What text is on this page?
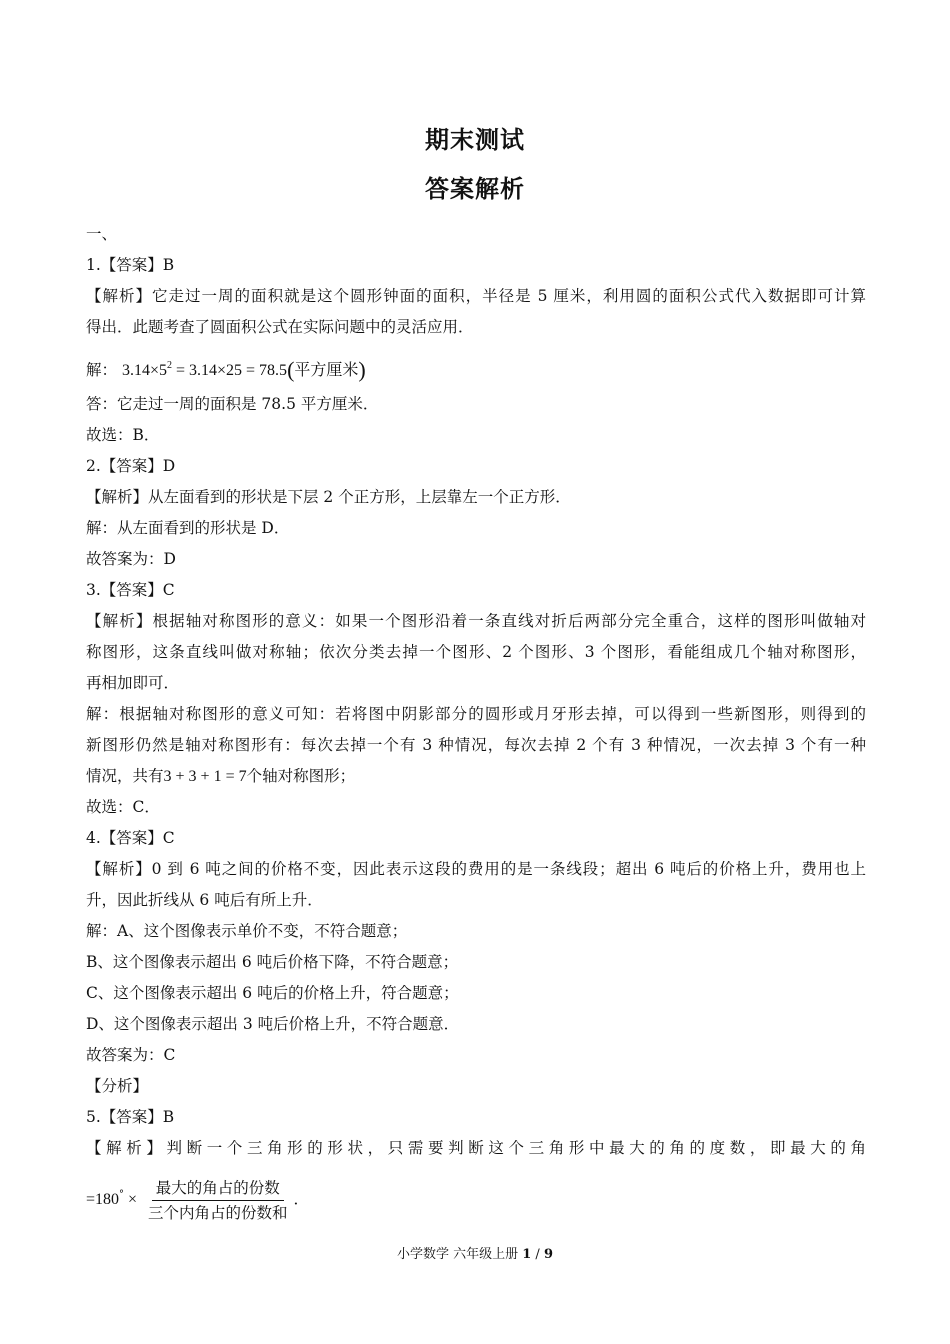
期末测试
答案解析
一、
1.【答案】B
【解析】它走过一周的面积就是这个圆形钟面的面积，半径是 5 厘米，利用圆的面积公式代入数据即可计算
得出．此题考查了圆面积公式在实际问题中的灵活应用．
解： $3.14\times 5^2 = 3.14\times 25 = 78.5$(平方厘米)
答：它走过一周的面积是 78.5 平方厘米．
故选：B．
2.【答案】D
【解析】从左面看到的形状是下层 2 个正方形，上层靠左一个正方形．
解：从左面看到的形状是 D．
故答案为：D
3.【答案】C
【解析】根据轴对称图形的意义：如果一个图形沿着一条直线对折后两部分完全重合，这样的图形叫做轴对
称图形，这条直线叫做对称轴；依次分类去掉一个图形、2 个图形、3 个图形，看能组成几个轴对称图形，
再相加即可．
解：根据轴对称图形的意义可知：若将图中阴影部分的圆形或月牙形去掉，可以得到一些新图形，则得到的
新图形仍然是轴对称图形有：每次去掉一个有 3 种情况，每次去掉 2 个有 3 种情况，一次去掉 3 个有一种
情况，共有3 + 3 + 1 = 7个轴对称图形；
故选：C．
4.【答案】C
【解析】0 到 6 吨之间的价格不变，因此表示这段的费用的是一条线段；超出 6 吨后的价格上升，费用也上
升，因此折线从 6 吨后有所上升．
解：A、这个图像表示单价不变，不符合题意；
B、这个图像表示超出 6 吨后价格下降，不符合题意；
C、这个图像表示超出 6 吨后的价格上升，符合题意；
D、这个图像表示超出 3 吨后价格上升，不符合题意．
故答案为：C
【分析】
5.【答案】B
【解析】判断一个三角形的形状，只需要判断这个三角形中最大的角的度数，即最大的角
$=180^\circ \times \frac{\text{最大的角占的份数}}{\text{三个内角占的份数和}}$ ．
小学数学 六年级上册 1 / 9
